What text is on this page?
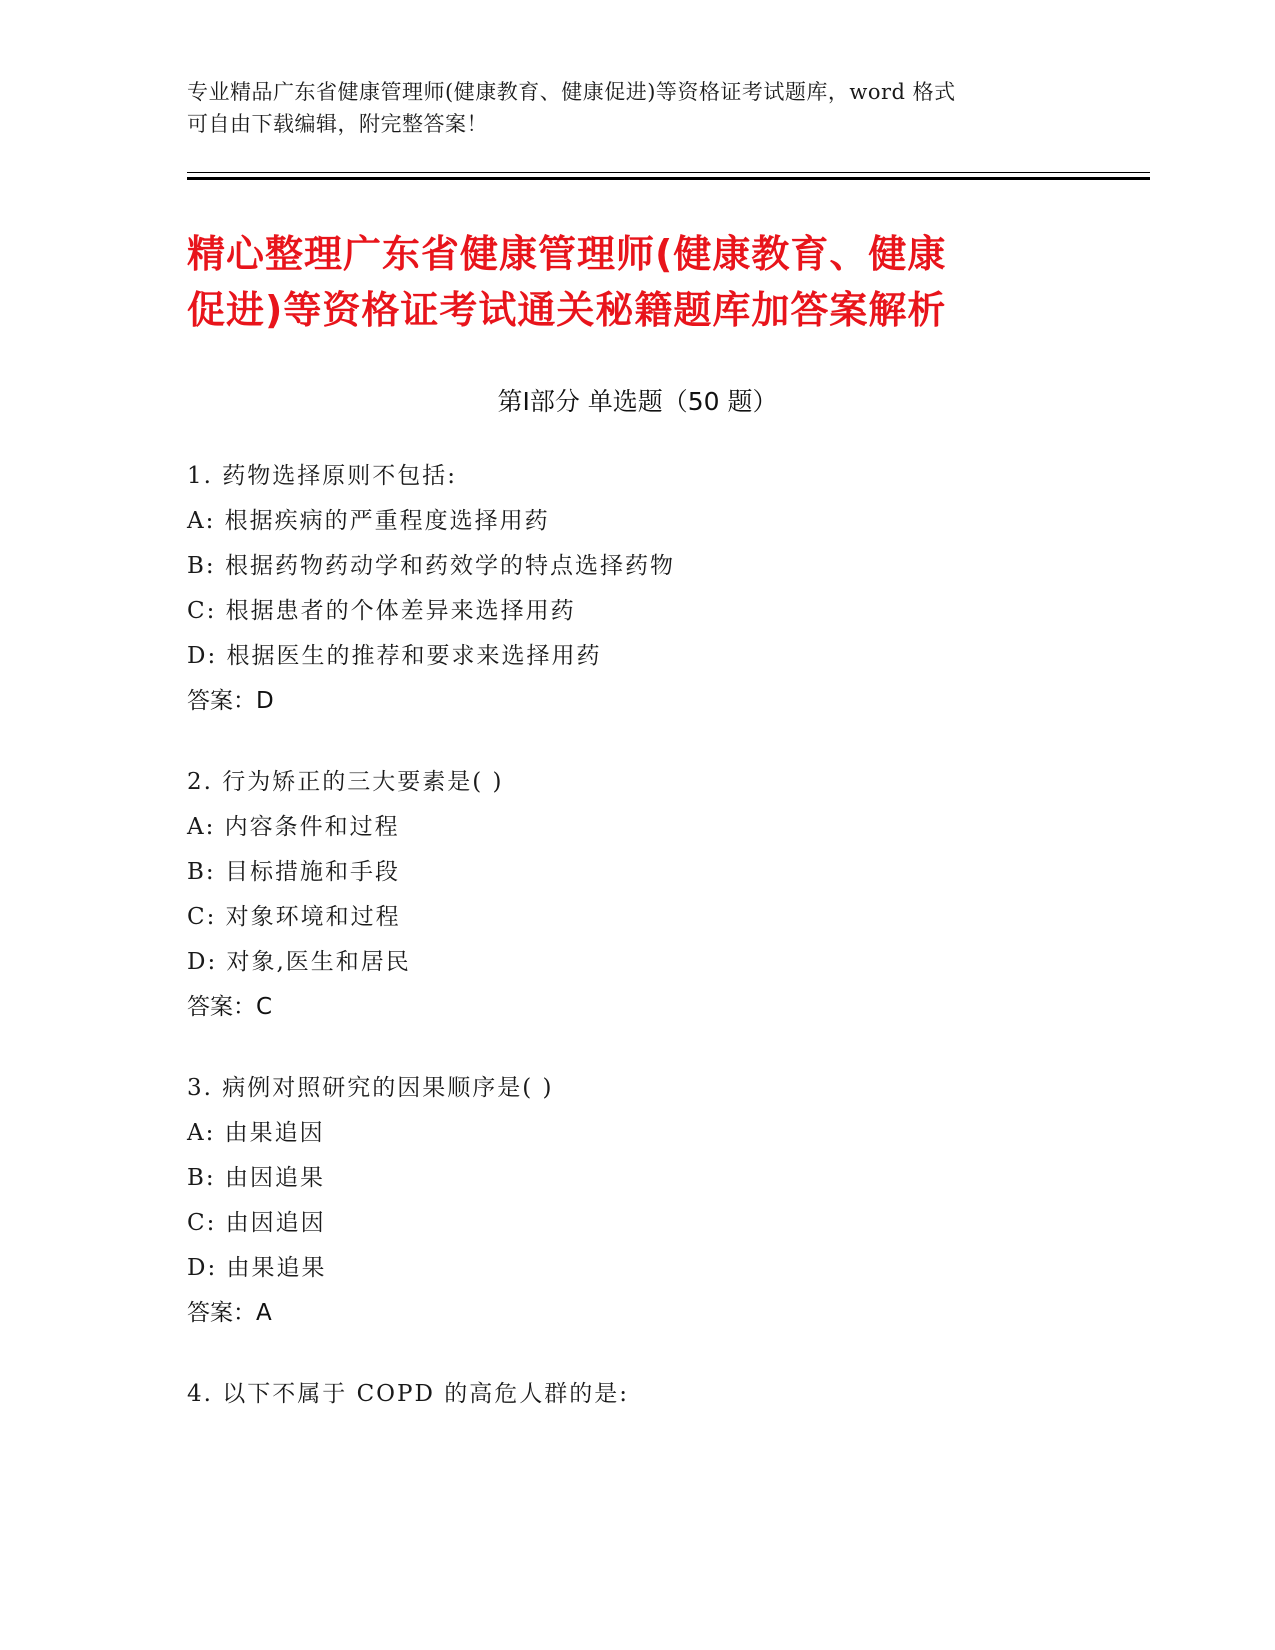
专业精品广东省健康管理师(健康教育、健康促进)等资格证考试题库，word 格式
可自由下载编辑，附完整答案！
精心整理广东省健康管理师(健康教育、健康
促进)等资格证考试通关秘籍题库加答案解析
第Ⅰ部分 单选题（50 题）
1. 药物选择原则不包括:
A: 根据疾病的严重程度选择用药
B: 根据药物药动学和药效学的特点选择药物
C: 根据患者的个体差异来选择用药
D: 根据医生的推荐和要求来选择用药
答案：D
2. 行为矫正的三大要素是( )
A: 内容条件和过程
B: 目标措施和手段
C: 对象环境和过程
D: 对象,医生和居民
答案：C
3. 病例对照研究的因果顺序是( )
A: 由果追因
B: 由因追果
C: 由因追因
D: 由果追果
答案：A
4. 以下不属于 COPD 的高危人群的是:
